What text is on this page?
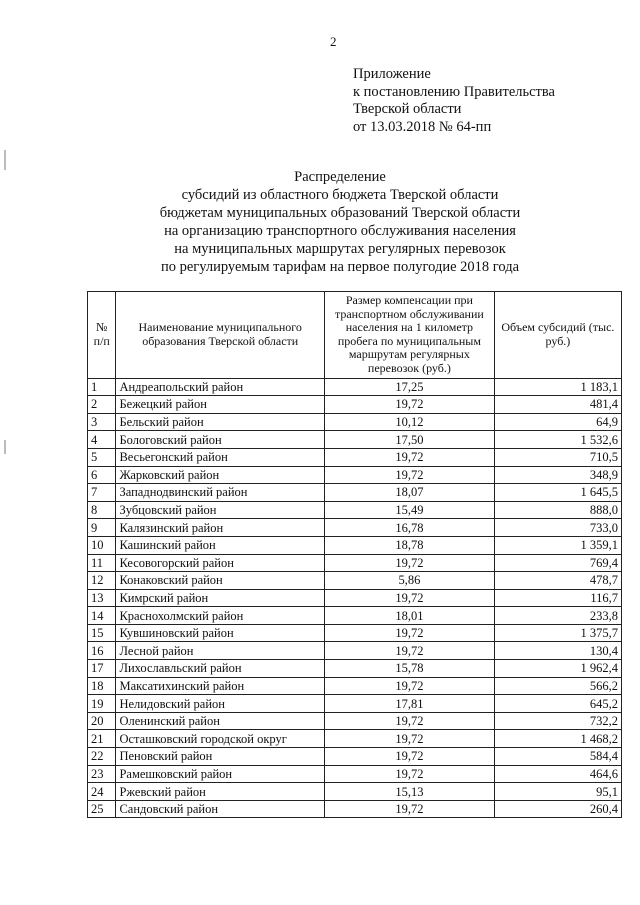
2
Приложение
к постановлению Правительства
Тверской области
от 13.03.2018 № 64-пп
Распределение
субсидий из областного бюджета Тверской области
бюджетам муниципальных образований Тверской области
на организацию транспортного обслуживания населения
на муниципальных маршрутах регулярных перевозок
по регулируемым тарифам на первое полугодие 2018 года
№ п/п	Наименование муниципального образования Тверской области	Размер компенсации при транспортном обслуживании населения на 1 километр пробега по муниципальным маршрутам регулярных перевозок (руб.)	Объем субсидий (тыс. руб.)
1	Андреапольский район	17,25	1 183,1
2	Бежецкий район	19,72	481,4
3	Бельский район	10,12	64,9
4	Бологовский район	17,50	1 532,6
5	Весьегонский район	19,72	710,5
6	Жарковский район	19,72	348,9
7	Западнодвинский район	18,07	1 645,5
8	Зубцовский район	15,49	888,0
9	Калязинский район	16,78	733,0
10	Кашинский район	18,78	1 359,1
11	Кесовогорский район	19,72	769,4
12	Конаковский район	5,86	478,7
13	Кимрский район	19,72	116,7
14	Краснохолмский район	18,01	233,8
15	Кувшиновский район	19,72	1 375,7
16	Лесной район	19,72	130,4
17	Лихославльский район	15,78	1 962,4
18	Максатихинский район	19,72	566,2
19	Нелидовский район	17,81	645,2
20	Оленинский район	19,72	732,2
21	Осташковский городской округ	19,72	1 468,2
22	Пеновский район	19,72	584,4
23	Рамешковский район	19,72	464,6
24	Ржевский район	15,13	95,1
25	Сандовский район	19,72	260,4
